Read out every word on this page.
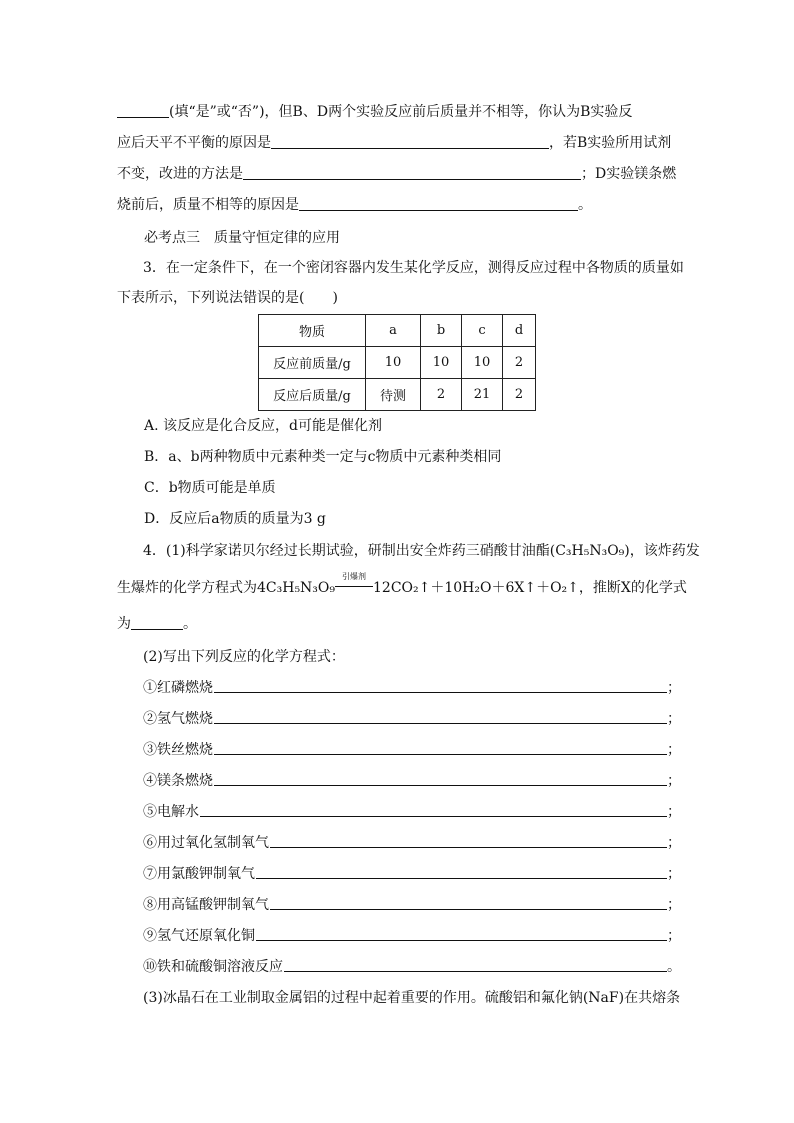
(填“是”或“否”)，但B、D两个实验反应前后质量并不相等，你认为B实验反
应后天平不平衡的原因是	，若B实验所用试剂
不变，改进的方法是	；D实验镁条燃
烧前后，质量不相等的原因是	。
必考点三　质量守恒定律的应用
3．在一定条件下，在一个密闭容器内发生某化学反应，测得反应过程中各物质的质量如
下表所示，下列说法错误的是(　　)
物质	a	b	c	d
反应前质量/g	10	10	10	2
反应后质量/g	待测	2	21	2
A. 该反应是化合反应，d可能是催化剂
B．a、b两种物质中元素种类一定与c物质中元素种类相同
C．b物质可能是单质
D．反应后a物质的质量为3 g
4．(1)科学家诺贝尔经过长期试验，研制出安全炸药三硝酸甘油酯(C₃H₅N₃O₉)，该炸药发
生爆炸的化学方程式为4C₃H₅N₃O₉
引爆剂
12CO₂↑＋10H₂O＋6X↑＋O₂↑，推断X的化学式
为	。
(2)写出下列反应的化学方程式：
①红磷燃烧	；
②氢气燃烧	；
③铁丝燃烧	；
④镁条燃烧	；
⑤电解水	；
⑥用过氧化氢制氧气	；
⑦用氯酸钾制氧气	；
⑧用高锰酸钾制氧气	；
⑨氢气还原氧化铜	；
⑩铁和硫酸铜溶液反应	。
(3)冰晶石在工业制取金属铝的过程中起着重要的作用。硫酸铝和氟化钠(NaF)在共熔条
